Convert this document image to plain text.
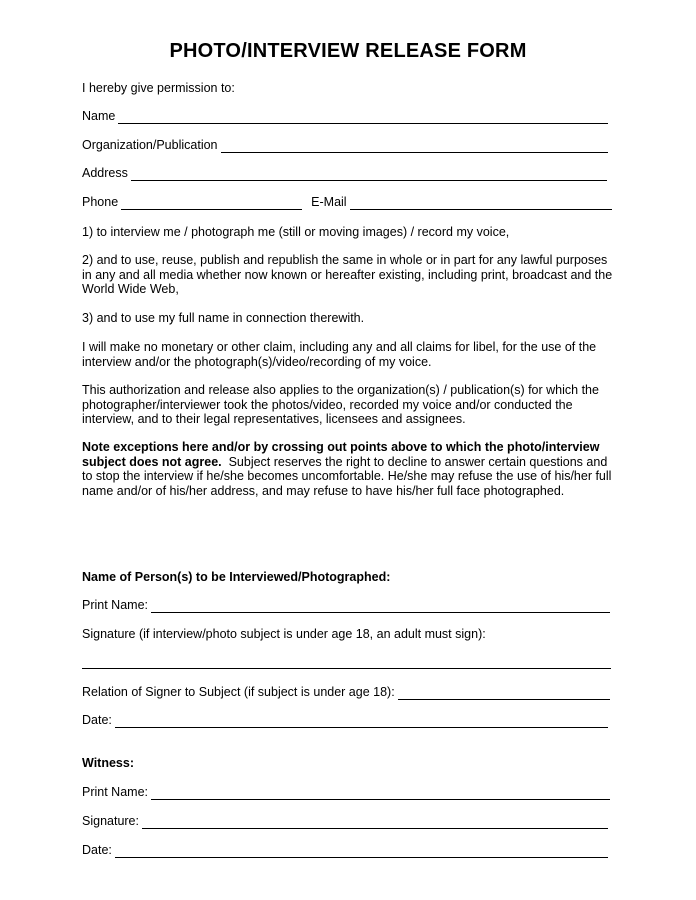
PHOTO/INTERVIEW RELEASE FORM
I hereby give permission to:
Name
Organization/Publication
Address
Phone	E-Mail
1) to interview me / photograph me (still or moving images) / record my voice,
2) and to use, reuse, publish and republish the same in whole or in part for any lawful purposes in any and all media whether now known or hereafter existing, including print, broadcast and the World Wide Web,
3) and to use my full name in connection therewith.
I will make no monetary or other claim, including any and all claims for libel, for the use of the interview and/or the photograph(s)/video/recording of my voice.
This authorization and release also applies to the organization(s) / publication(s) for which the photographer/interviewer took the photos/video, recorded my voice and/or conducted the interview, and to their legal representatives, licensees and assignees.
Note exceptions here and/or by crossing out points above to which the photo/interview subject does not agree. Subject reserves the right to decline to answer certain questions and to stop the interview if he/she becomes uncomfortable. He/she may refuse the use of his/her full name and/or of his/her address, and may refuse to have his/her full face photographed.
Name of Person(s) to be Interviewed/Photographed:
Print Name:
Signature (if interview/photo subject is under age 18, an adult must sign):
Relation of Signer to Subject (if subject is under age 18):
Date:
Witness:
Print Name:
Signature:
Date:
